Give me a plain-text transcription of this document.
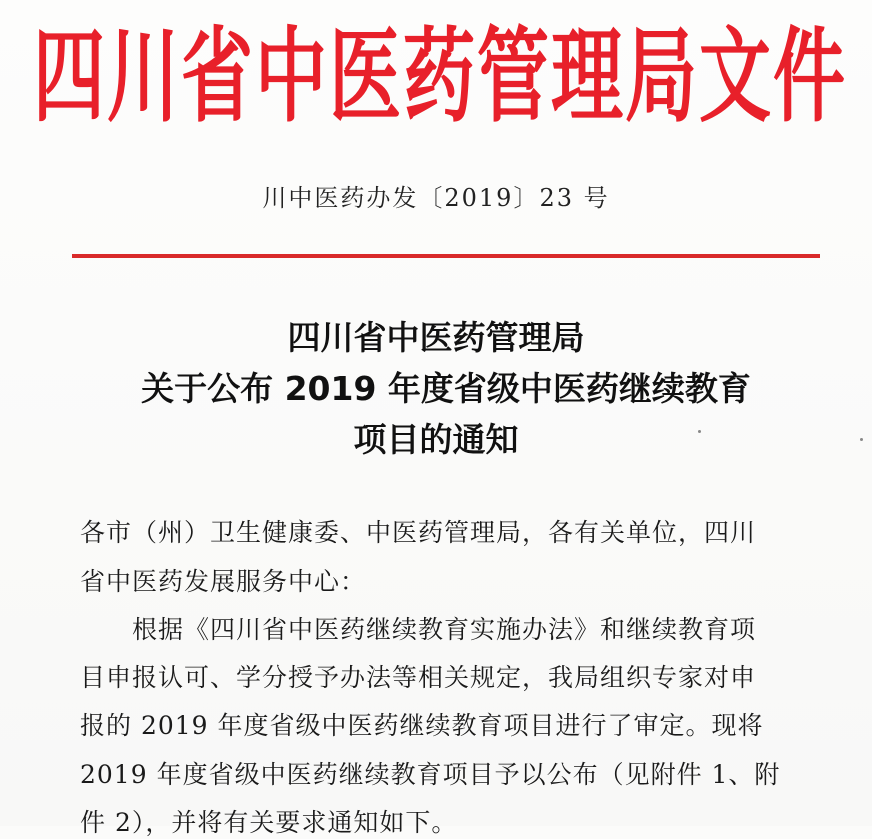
四川省中医药管理局文件
川中医药办发〔2019〕23 号
四川省中医药管理局
关于公布 2019 年度省级中医药继续教育
项目的通知
各市（州）卫生健康委、中医药管理局，各有关单位，四川
省中医药发展服务中心：
根据《四川省中医药继续教育实施办法》和继续教育项
目申报认可、学分授予办法等相关规定，我局组织专家对申
报的 2019 年度省级中医药继续教育项目进行了审定。现将
2019 年度省级中医药继续教育项目予以公布（见附件 1、附
件 2），并将有关要求通知如下。
